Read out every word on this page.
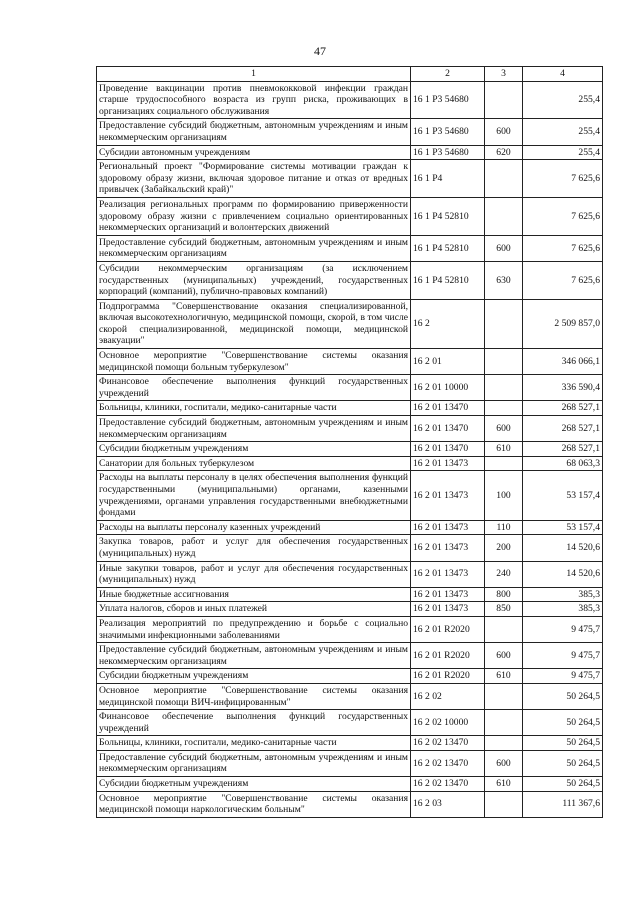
47
1	2	3	4
Проведение вакцинации против пневмококковой инфекции граждан старше трудоспособного возраста из групп риска, проживающих в организациях социального обслуживания	16 1 P3 54680		255,4
Предоставление субсидий бюджетным, автономным учреждениям и иным некоммерческим организациям	16 1 P3 54680	600	255,4
Субсидии автономным учреждениям	16 1 P3 54680	620	255,4
Региональный проект "Формирование системы мотивации граждан к здоровому образу жизни, включая здоровое питание и отказ от вредных привычек (Забайкальский край)"	16 1 P4		7 625,6
Реализация региональных программ по формированию приверженности здоровому образу жизни с привлечением социально ориентированных некоммерческих организаций и волонтерских движений	16 1 P4 52810		7 625,6
Предоставление субсидий бюджетным, автономным учреждениям и иным некоммерческим организациям	16 1 P4 52810	600	7 625,6
Субсидии некоммерческим организациям (за исключением государственных (муниципальных) учреждений, государственных корпораций (компаний), публично-правовых компаний)	16 1 P4 52810	630	7 625,6
Подпрограмма "Совершенствование оказания специализированной, включая высокотехнологичную, медицинской помощи, скорой, в том числе скорой специализированной, медицинской помощи, медицинской эвакуации"	16 2		2 509 857,0
Основное мероприятие "Совершенствование системы оказания медицинской помощи больным туберкулезом"	16 2 01		346 066,1
Финансовое обеспечение выполнения функций государственных учреждений	16 2 01 10000		336 590,4
Больницы, клиники, госпитали, медико-санитарные части	16 2 01 13470		268 527,1
Предоставление субсидий бюджетным, автономным учреждениям и иным некоммерческим организациям	16 2 01 13470	600	268 527,1
Субсидии бюджетным учреждениям	16 2 01 13470	610	268 527,1
Санатории для больных туберкулезом	16 2 01 13473		68 063,3
Расходы на выплаты персоналу в целях обеспечения выполнения функций государственными (муниципальными) органами, казенными учреждениями, органами управления государственными внебюджетными фондами	16 2 01 13473	100	53 157,4
Расходы на выплаты персоналу казенных учреждений	16 2 01 13473	110	53 157,4
Закупка товаров, работ и услуг для обеспечения государственных (муниципальных) нужд	16 2 01 13473	200	14 520,6
Иные закупки товаров, работ и услуг для обеспечения государственных (муниципальных) нужд	16 2 01 13473	240	14 520,6
Иные бюджетные ассигнования	16 2 01 13473	800	385,3
Уплата налогов, сборов и иных платежей	16 2 01 13473	850	385,3
Реализация мероприятий по предупреждению и борьбе с социально значимыми инфекционными заболеваниями	16 2 01 R2020		9 475,7
Предоставление субсидий бюджетным, автономным учреждениям и иным некоммерческим организациям	16 2 01 R2020	600	9 475,7
Субсидии бюджетным учреждениям	16 2 01 R2020	610	9 475,7
Основное мероприятие "Совершенствование системы оказания медицинской помощи ВИЧ-инфицированным"	16 2 02		50 264,5
Финансовое обеспечение выполнения функций государственных учреждений	16 2 02 10000		50 264,5
Больницы, клиники, госпитали, медико-санитарные части	16 2 02 13470		50 264,5
Предоставление субсидий бюджетным, автономным учреждениям и иным некоммерческим организациям	16 2 02 13470	600	50 264,5
Субсидии бюджетным учреждениям	16 2 02 13470	610	50 264,5
Основное мероприятие "Совершенствование системы оказания медицинской помощи наркологическим больным"	16 2 03		111 367,6
